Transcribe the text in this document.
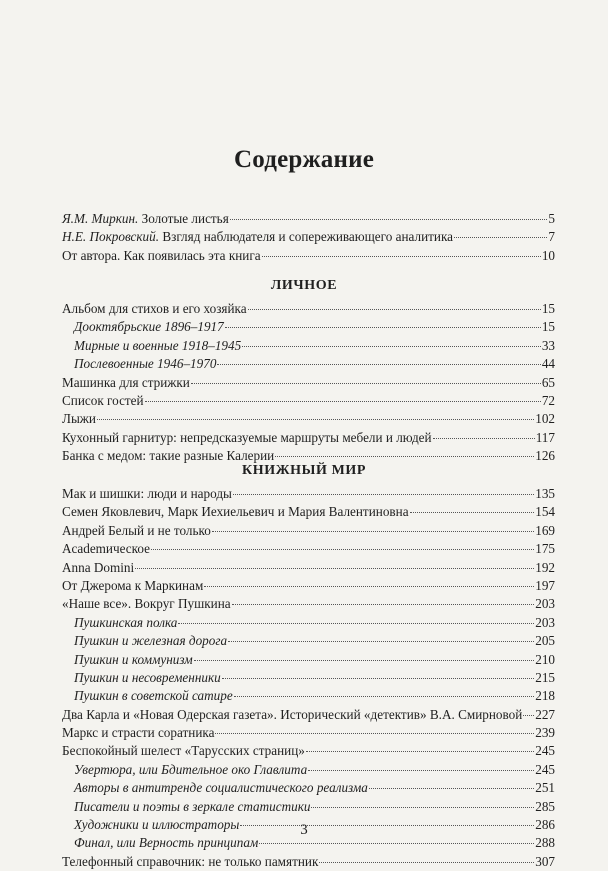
Содержание
Я.М. Миркин. Золотые листья	5
Н.Е. Покровский. Взгляд наблюдателя и сопереживающего аналитика	7
От автора. Как появилась эта книга	10
ЛИЧНОЕ
Альбом для стихов и его хозяйка	15
Доoктябрьские 1896–1917	15
Мирные и военные 1918–1945	33
Послевоенные 1946–1970	44
Машинка для стрижки	65
Список гостей	72
Лыжи	102
Кухонный гарнитур: непредсказуемые маршруты мебели и людей	117
Банка с медом: такие разные Калерии	126
КНИЖНЫЙ МИР
Мак и шишки: люди и народы	135
Семен Яковлевич, Марк Иехиельевич и Мария Валентиновна	154
Андрей Белый и не только	169
Academическое	175
Anna Domini	192
От Джерома к Маркинам	197
«Наше все». Вокруг Пушкина	203
Пушкинская полка	203
Пушкин и железная дорога	205
Пушкин и коммунизм	210
Пушкин и несовременники	215
Пушкин в советской сатире	218
Два Карла и «Новая Одерская газета». Исторический «детектив» В.А. Смирновой 227
Маркс и страсти соратника	239
Беспокойный шелест «Тарусских страниц»	245
Увертюра, или Бдительное око Главлита	245
Авторы в антитренде социалистического реализма	251
Писатели и поэты в зеркале статистики	285
Художники и иллюстраторы	286
Финал, или Верность принципам	288
Телефонный справочник: не только памятник	307
3
